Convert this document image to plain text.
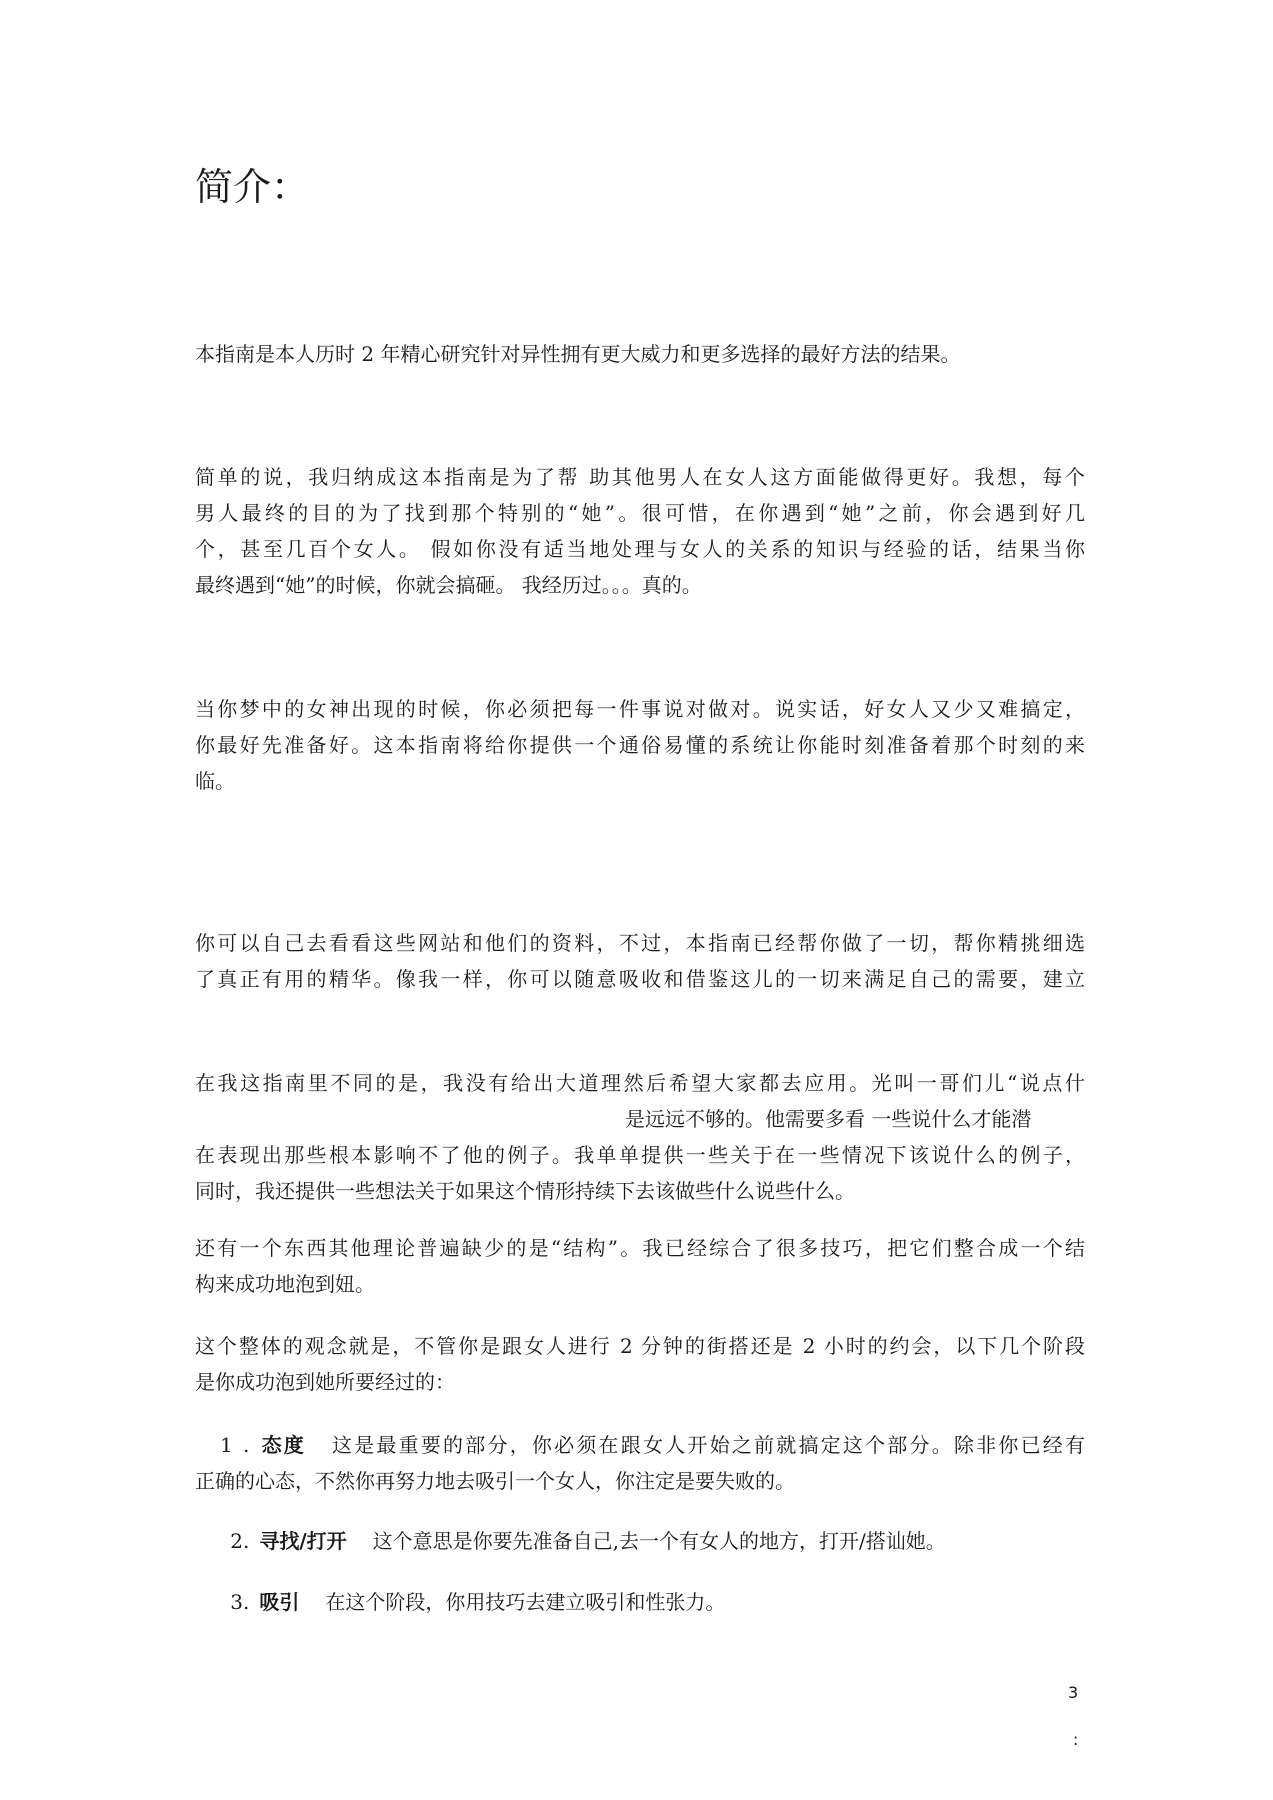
简介：

本指南是本人历时 2 年精心研究针对异性拥有更大威力和更多选择的最好方法的结果。

简单的说，我归纳成这本指南是为了帮 助其他男人在女人这方面能做得更好。我想，每个
男人最终的目的为了找到那个特别的“她”。很可惜，在你遇到“她”之前，你会遇到好几
个，甚至几百个女人。 假如你没有适当地处理与女人的关系的知识与经验的话，结果当你
最终遇到“她”的时候，你就会搞砸。 我经历过。。。真的。

当你梦中的女神出现的时候，你必须把每一件事说对做对。说实话，好女人又少又难搞定，
你最好先准备好。这本指南将给你提供一个通俗易懂的系统让你能时刻准备着那个时刻的来
临。

你可以自己去看看这些网站和他们的资料，不过，本指南已经帮你做了一切，帮你精挑细选
了真正有用的精华。像我一样，你可以随意吸收和借鉴这儿的一切来满足自己的需要，建立

在我这指南里不同的是，我没有给出大道理然后希望大家都去应用。光叫一哥们儿“说点什
是远远不够的。他需要多看 一些说什么才能潜
在表现出那些根本影响不了他的例子。我单单提供一些关于在一些情况下该说什么的例子，
同时，我还提供一些想法关于如果这个情形持续下去该做些什么说些什么。

还有一个东西其他理论普遍缺少的是“结构”。我已经综合了很多技巧，把它们整合成一个结
构来成功地泡到妞。

这个整体的观念就是，不管你是跟女人进行 2 分钟的街搭还是 2 小时的约会，以下几个阶段
是你成功泡到她所要经过的：

1 . 态度 这是最重要的部分，你必须在跟女人开始之前就搞定这个部分。除非你已经有
正确的心态，不然你再努力地去吸引一个女人，你注定是要失败的。
2. 寻找/打开 这个意思是你要先准备自己,去一个有女人的地方，打开/搭讪她。
3. 吸引 在这个阶段，你用技巧去建立吸引和性张力。
3
:
